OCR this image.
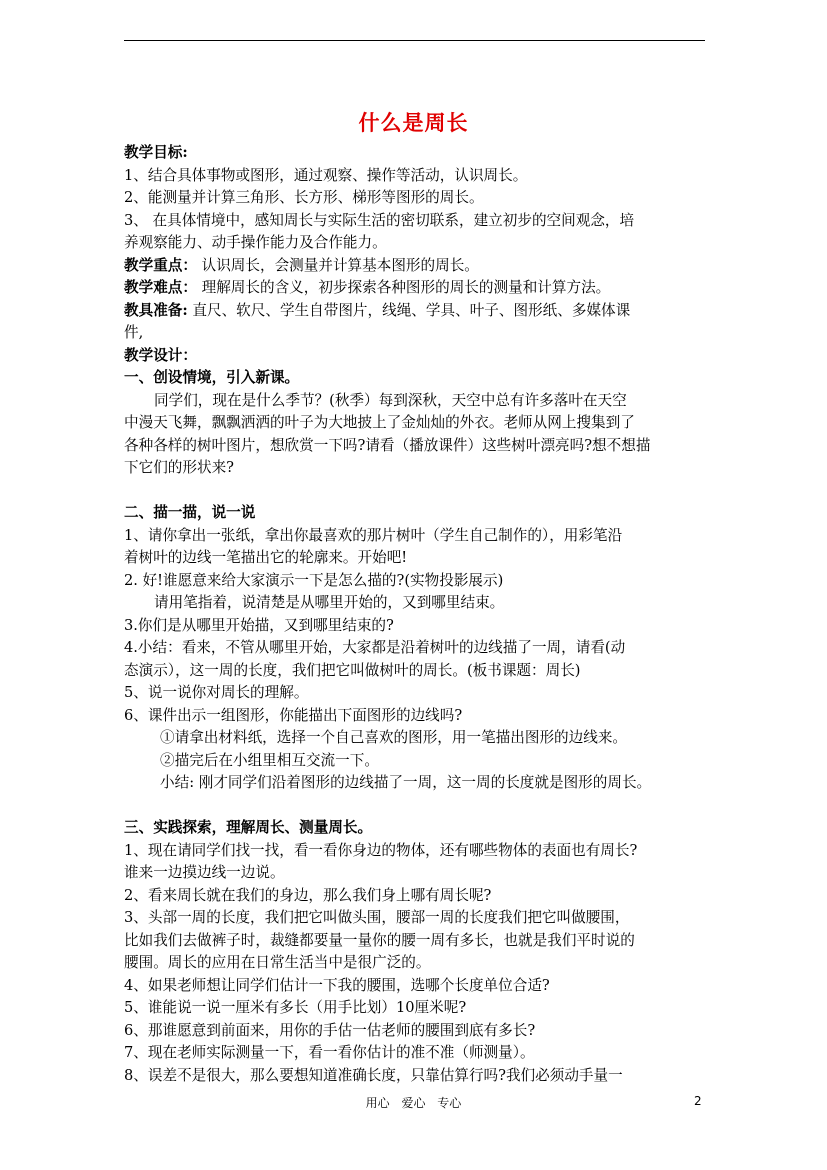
什么是周长
教学目标:
1、结合具体事物或图形，通过观察、操作等活动，认识周长。
2、能测量并计算三角形、长方形、梯形等图形的周长。
3、 在具体情境中，感知周长与实际生活的密切联系，建立初步的空间观念，培
养观察能力、动手操作能力及合作能力。
教学重点： 认识周长，会测量并计算基本图形的周长。
教学难点： 理解周长的含义，初步探索各种图形的周长的测量和计算方法。
教具准备: 直尺、软尺、学生自带图片，线绳、学具、叶子、图形纸、多媒体课
件,
教学设计：
一、创设情境，引入新课。
同学们，现在是什么季节？(秋季）每到深秋，天空中总有许多落叶在天空
中漫天飞舞，飘飘洒洒的叶子为大地披上了金灿灿的外衣。老师从网上搜集到了
各种各样的树叶图片，想欣赏一下吗?请看（播放课件）这些树叶漂亮吗?想不想描
下它们的形状来?
二、描一描，说一说
1、请你拿出一张纸，拿出你最喜欢的那片树叶（学生自己制作的），用彩笔沿
着树叶的边线一笔描出它的轮廓来。开始吧!
2. 好!谁愿意来给大家演示一下是怎么描的?(实物投影展示)
请用笔指着，说清楚是从哪里开始的，又到哪里结束。
3.你们是从哪里开始描，又到哪里结束的?
4.小结：看来，不管从哪里开始，大家都是沿着树叶的边线描了一周，请看(动
态演示），这一周的长度，我们把它叫做树叶的周长。(板书课题：周长)
5、说一说你对周长的理解。
6、课件出示一组图形，你能描出下面图形的边线吗?
①请拿出材料纸，选择一个自己喜欢的图形，用一笔描出图形的边线来。
②描完后在小组里相互交流一下。
小结: 刚才同学们沿着图形的边线描了一周，这一周的长度就是图形的周长。
三、实践探索，理解周长、测量周长。
1、现在请同学们找一找，看一看你身边的物体，还有哪些物体的表面也有周长?
谁来一边摸边线一边说。
2、看来周长就在我们的身边，那么我们身上哪有周长呢?
3、头部一周的长度，我们把它叫做头围，腰部一周的长度我们把它叫做腰围，
比如我们去做裤子时，裁缝都要量一量你的腰一周有多长，也就是我们平时说的
腰围。周长的应用在日常生活当中是很广泛的。
4、如果老师想让同学们估计一下我的腰围，选哪个长度单位合适?
5、谁能说一说一厘米有多长（用手比划）10厘米呢?
6、那谁愿意到前面来，用你的手估一估老师的腰围到底有多长?
7、现在老师实际测量一下，看一看你估计的准不准（师测量）。
8、误差不是很大，那么要想知道准确长度，只靠估算行吗?我们必须动手量一
用心 爱心 专心	2
